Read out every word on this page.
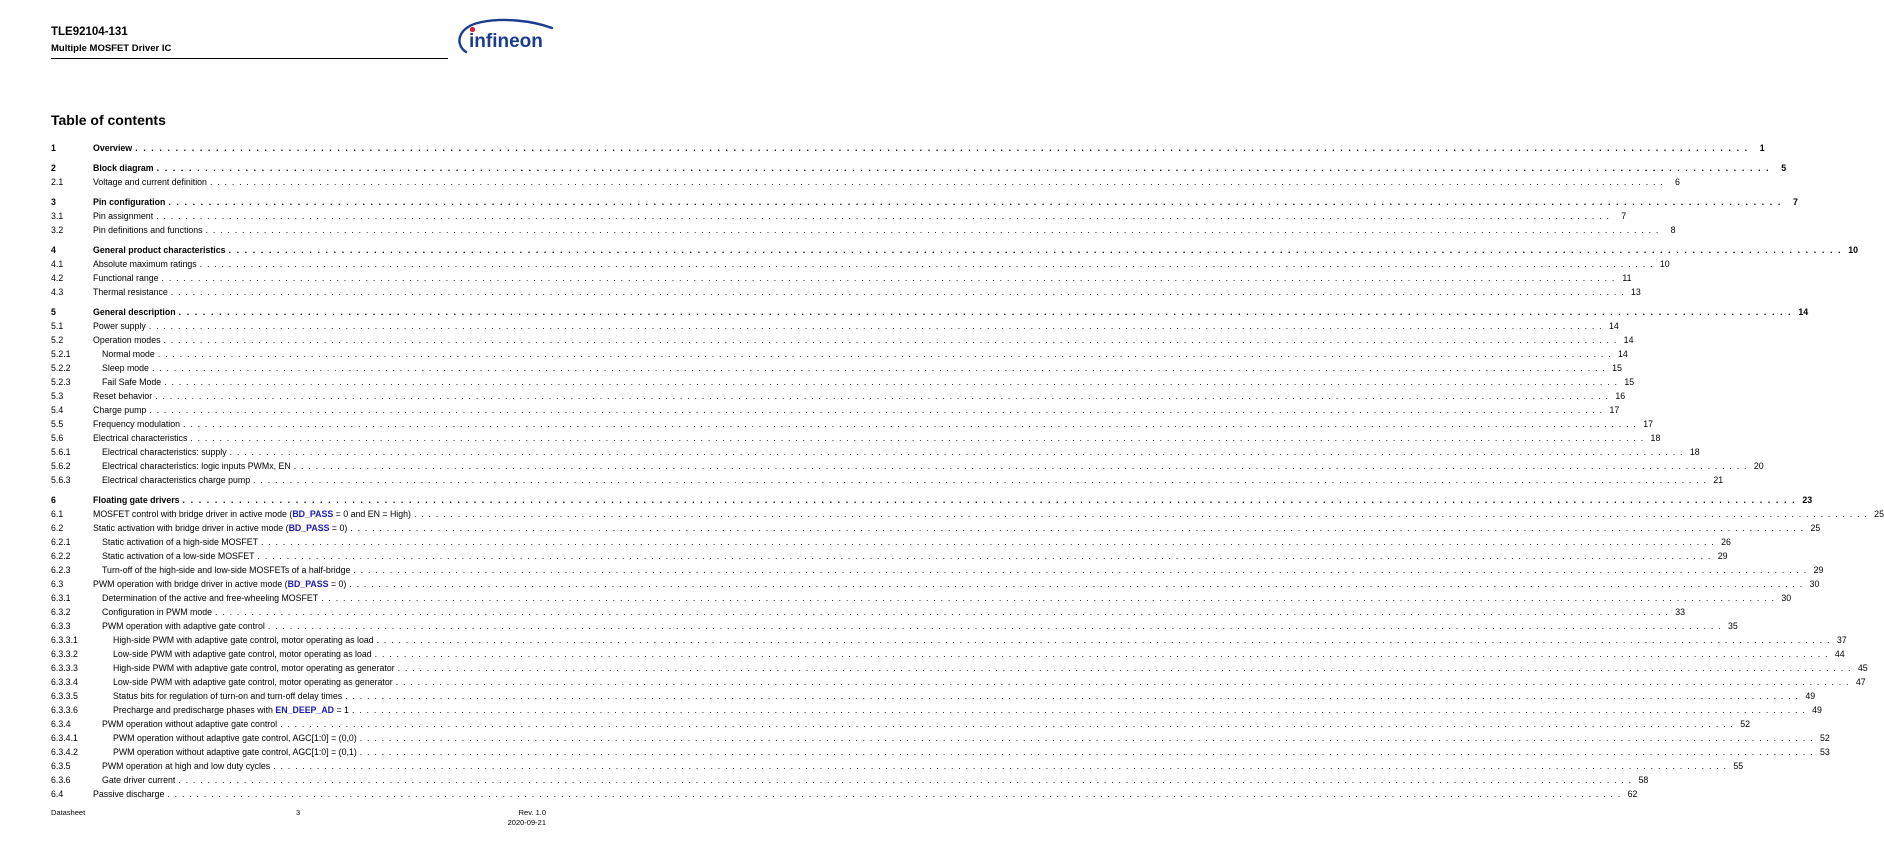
TLE92104-131
Multiple MOSFET Driver IC	infineon
Table of contents
1	Overview . . . . . . . . . . . . . . . . . . . . . . . . . . . . . . . . . . . . . . . . . . . . . . . . . . . . . . . . . . . . . . . . . . . . . . . . . . . . . . . . . . . . . . . . . . . . . . . . . . . . . . . . . . . . . . . . . . . . . . . . . . . . . . . . . . . . . . . . . . . . . . . . . . . . . . . . . . . . . . . . . . . . . . . . . . . . . . . . . . . . . . . . . . . . . . . . . . . . . . . .	1
2	Block diagram . . . . . . . . . . . . . . . . . . . . . . . . . . . . . . . . . . . . . . . . . . . . . . . . . . . . . . . . . . . . . . . . . . . . . . . . . . . . . . . . . . . . . . . . . . . . . . . . . . . . . . . . . . . . . . . . . . . . . . . . . . . . . . . . . . . . . . . . . . . . . . . . . . . . . . . . . . . . . . . . . . . . . . . . . . . . . . . . . . . . . . . . . . . . . . . . . . . . . . . .	5
2.1	Voltage and current definition . . . . . . . . . . . . . . . . . . . . . . . . . . . . . . . . . . . . . . . . . . . . . . . . . . . . . . . . . . . . . . . . . . . . . . . . . . . . . . . . . . . . . . . . . . . . . . . . . . . . . . . . . . . . . . . . . . . . . . . . . . . . . . . . . . . . . . . . . . . . . . . . . . . . . . . . . . . . . . . . . . . . . . . . . . . . . . . . . . . . . . . . . . . . . . . . . . . . . . . .	6
3	Pin configuration . . . . . . . . . . . . . . . . . . . . . . . . . . . . . . . . . . . . . . . . . . . . . . . . . . . . . . . . . . . . . . . . . . . . . . . . . . . . . . . . . . . . . . . . . . . . . . . . . . . . . . . . . . . . . . . . . . . . . . . . . . . . . . . . . . . . . . . . . . . . . . . . . . . . . . . . . . . . . . . . . . . . . . . . . . . . . . . . . . . . . . . . . . . . . . . . . . . . . . . .	7
3.1	Pin assignment . . . . . . . . . . . . . . . . . . . . . . . . . . . . . . . . . . . . . . . . . . . . . . . . . . . . . . . . . . . . . . . . . . . . . . . . . . . . . . . . . . . . . . . . . . . . . . . . . . . . . . . . . . . . . . . . . . . . . . . . . . . . . . . . . . . . . . . . . . . . . . . . . . . . . . . . . . . . . . . . . . . . . . . . . . . . . . . . . . . . . . . . . . . . . . . . . . . . . . . .	7
3.2	Pin definitions and functions . . . . . . . . . . . . . . . . . . . . . . . . . . . . . . . . . . . . . . . . . . . . . . . . . . . . . . . . . . . . . . . . . . . . . . . . . . . . . . . . . . . . . . . . . . . . . . . . . . . . . . . . . . . . . . . . . . . . . . . . . . . . . . . . . . . . . . . . . . . . . . . . . . . . . . . . . . . . . . . . . . . . . . . . . . . . . . . . . . . . . . . . . . . . . . . . . . . . . . . .	8
4	General product characteristics . . . . . . . . . . . . . . . . . . . . . . . . . . . . . . . . . . . . . . . . . . . . . . . . . . . . . . . . . . . . . . . . . . . . . . . . . . . . . . . . . . . . . . . . . . . . . . . . . . . . . . . . . . . . . . . . . . . . . . . . . . . . . . . . . . . . . . . . . . . . . . . . . . . . . . . . . . . . . . . . . . . . . . . . . . . . . . . . . . . . . . . . . . . . . . . . . . . . . . . . 10
4.1	Absolute maximum ratings . . . . . . . . . . . . . . . . . . . . . . . . . . . . . . . . . . . . . . . . . . . . . . . . . . . . . . . . . . . . . . . . . . . . . . . . . . . . . . . . . . . . . . . . . . . . . . . . . . . . . . . . . . . . . . . . . . . . . . . . . . . . . . . . . . . . . . . . . . . . . . . . . . . . . . . . . . . . . . . . . . . . . . . . . . . . . . . . . . . . . . . . . . . . . . . . . . . . . . . . 10
4.2	Functional range . . . . . . . . . . . . . . . . . . . . . . . . . . . . . . . . . . . . . . . . . . . . . . . . . . . . . . . . . . . . . . . . . . . . . . . . . . . . . . . . . . . . . . . . . . . . . . . . . . . . . . . . . . . . . . . . . . . . . . . . . . . . . . . . . . . . . . . . . . . . . . . . . . . . . . . . . . . . . . . . . . . . . . . . . . . . . . . . . . . . . . . . . . . . . . . . . . . . . . . . 11
4.3	Thermal resistance . . . . . . . . . . . . . . . . . . . . . . . . . . . . . . . . . . . . . . . . . . . . . . . . . . . . . . . . . . . . . . . . . . . . . . . . . . . . . . . . . . . . . . . . . . . . . . . . . . . . . . . . . . . . . . . . . . . . . . . . . . . . . . . . . . . . . . . . . . . . . . . . . . . . . . . . . . . . . . . . . . . . . . . . . . . . . . . . . . . . . . . . . . . . . . . . . . . . . . . . 13
5	General description . . . . . . . . . . . . . . . . . . . . . . . . . . . . . . . . . . . . . . . . . . . . . . . . . . . . . . . . . . . . . . . . . . . . . . . . . . . . . . . . . . . . . . . . . . . . . . . . . . . . . . . . . . . . . . . . . . . . . . . . . . . . . . . . . . . . . . . . . . . . . . . . . . . . . . . . . . . . . . . . . . . . . . . . . . . . . . . . . . . . . . . . . . . . . . . . . . . . . . . . 14
5.1	Power supply . . . . . . . . . . . . . . . . . . . . . . . . . . . . . . . . . . . . . . . . . . . . . . . . . . . . . . . . . . . . . . . . . . . . . . . . . . . . . . . . . . . . . . . . . . . . . . . . . . . . . . . . . . . . . . . . . . . . . . . . . . . . . . . . . . . . . . . . . . . . . . . . . . . . . . . . . . . . . . . . . . . . . . . . . . . . . . . . . . . . . . . . . . . . . . . . . . . . . . . . 14
5.2	Operation modes . . . . . . . . . . . . . . . . . . . . . . . . . . . . . . . . . . . . . . . . . . . . . . . . . . . . . . . . . . . . . . . . . . . . . . . . . . . . . . . . . . . . . . . . . . . . . . . . . . . . . . . . . . . . . . . . . . . . . . . . . . . . . . . . . . . . . . . . . . . . . . . . . . . . . . . . . . . . . . . . . . . . . . . . . . . . . . . . . . . . . . . . . . . . . . . . . . . . . . . . 14
5.2.1	Normal mode . . . . . . . . . . . . . . . . . . . . . . . . . . . . . . . . . . . . . . . . . . . . . . . . . . . . . . . . . . . . . . . . . . . . . . . . . . . . . . . . . . . . . . . . . . . . . . . . . . . . . . . . . . . . . . . . . . . . . . . . . . . . . . . . . . . . . . . . . . . . . . . . . . . . . . . . . . . . . . . . . . . . . . . . . . . . . . . . . . . . . . . . . . . . . . . . . . . . . . . . 14
5.2.2	Sleep mode . . . . . . . . . . . . . . . . . . . . . . . . . . . . . . . . . . . . . . . . . . . . . . . . . . . . . . . . . . . . . . . . . . . . . . . . . . . . . . . . . . . . . . . . . . . . . . . . . . . . . . . . . . . . . . . . . . . . . . . . . . . . . . . . . . . . . . . . . . . . . . . . . . . . . . . . . . . . . . . . . . . . . . . . . . . . . . . . . . . . . . . . . . . . . . . . . . . . . . . . 15
5.2.3	Fail Safe Mode . . . . . . . . . . . . . . . . . . . . . . . . . . . . . . . . . . . . . . . . . . . . . . . . . . . . . . . . . . . . . . . . . . . . . . . . . . . . . . . . . . . . . . . . . . . . . . . . . . . . . . . . . . . . . . . . . . . . . . . . . . . . . . . . . . . . . . . . . . . . . . . . . . . . . . . . . . . . . . . . . . . . . . . . . . . . . . . . . . . . . . . . . . . . . . . . . . . . . . . . 15
5.3	Reset behavior . . . . . . . . . . . . . . . . . . . . . . . . . . . . . . . . . . . . . . . . . . . . . . . . . . . . . . . . . . . . . . . . . . . . . . . . . . . . . . . . . . . . . . . . . . . . . . . . . . . . . . . . . . . . . . . . . . . . . . . . . . . . . . . . . . . . . . . . . . . . . . . . . . . . . . . . . . . . . . . . . . . . . . . . . . . . . . . . . . . . . . . . . . . . . . . . . . . . . . . . 16
5.4	Charge pump . . . . . . . . . . . . . . . . . . . . . . . . . . . . . . . . . . . . . . . . . . . . . . . . . . . . . . . . . . . . . . . . . . . . . . . . . . . . . . . . . . . . . . . . . . . . . . . . . . . . . . . . . . . . . . . . . . . . . . . . . . . . . . . . . . . . . . . . . . . . . . . . . . . . . . . . . . . . . . . . . . . . . . . . . . . . . . . . . . . . . . . . . . . . . . . . . . . . . . . . 17
5.5	Frequency modulation . . . . . . . . . . . . . . . . . . . . . . . . . . . . . . . . . . . . . . . . . . . . . . . . . . . . . . . . . . . . . . . . . . . . . . . . . . . . . . . . . . . . . . . . . . . . . . . . . . . . . . . . . . . . . . . . . . . . . . . . . . . . . . . . . . . . . . . . . . . . . . . . . . . . . . . . . . . . . . . . . . . . . . . . . . . . . . . . . . . . . . . . . . . . . . . . . . . . . . . . 17
5.6	Electrical characteristics . . . . . . . . . . . . . . . . . . . . . . . . . . . . . . . . . . . . . . . . . . . . . . . . . . . . . . . . . . . . . . . . . . . . . . . . . . . . . . . . . . . . . . . . . . . . . . . . . . . . . . . . . . . . . . . . . . . . . . . . . . . . . . . . . . . . . . . . . . . . . . . . . . . . . . . . . . . . . . . . . . . . . . . . . . . . . . . . . . . . . . . . . . . . . . . . . . . . . . . . 18
5.6.1	Electrical characteristics: supply . . . . . . . . . . . . . . . . . . . . . . . . . . . . . . . . . . . . . . . . . . . . . . . . . . . . . . . . . . . . . . . . . . . . . . . . . . . . . . . . . . . . . . . . . . . . . . . . . . . . . . . . . . . . . . . . . . . . . . . . . . . . . . . . . . . . . . . . . . . . . . . . . . . . . . . . . . . . . . . . . . . . . . . . . . . . . . . . . . . . . . . . . . . . . . . . . . . . . . . . 18
5.6.2	Electrical characteristics: logic inputs PWMx, EN . . . . . . . . . . . . . . . . . . . . . . . . . . . . . . . . . . . . . . . . . . . . . . . . . . . . . . . . . . . . . . . . . . . . . . . . . . . . . . . . . . . . . . . . . . . . . . . . . . . . . . . . . . . . . . . . . . . . . . . . . . . . . . . . . . . . . . . . . . . . . . . . . . . . . . . . . . . . . . . . . . . . . . . . . . . . . . . . . . . . . . . . . . . . . . . . . . . . . . . . 20
5.6.3	Electrical characteristics charge pump . . . . . . . . . . . . . . . . . . . . . . . . . . . . . . . . . . . . . . . . . . . . . . . . . . . . . . . . . . . . . . . . . . . . . . . . . . . . . . . . . . . . . . . . . . . . . . . . . . . . . . . . . . . . . . . . . . . . . . . . . . . . . . . . . . . . . . . . . . . . . . . . . . . . . . . . . . . . . . . . . . . . . . . . . . . . . . . . . . . . . . . . . . . . . . . . . . . . . . . . 21
6	Floating gate drivers . . . . . . . . . . . . . . . . . . . . . . . . . . . . . . . . . . . . . . . . . . . . . . . . . . . . . . . . . . . . . . . . . . . . . . . . . . . . . . . . . . . . . . . . . . . . . . . . . . . . . . . . . . . . . . . . . . . . . . . . . . . . . . . . . . . . . . . . . . . . . . . . . . . . . . . . . . . . . . . . . . . . . . . . . . . . . . . . . . . . . . . . . . . . . . . . . . . . . . . . 23
6.1	MOSFET control with bridge driver in active mode (BD_PASS = 0 and EN = High) . . . . . . . . . . . . . . . . . . . . . . . . . . . . . . . . . . . . . . . . . . . . . . . . . . . . . . . . . . . . . . . . . . . . . . . . . . . . . . . . . . . . . . . . . . . . . . . . . . . . . . . . . . . . . . . . . . . . . . . . . . . . . . . . . . . . . . . . . . . . . . . . . . . . . . . . . . . . . . . . . . . . . . . . . . . . . . . . . . . . . . . . . . . . . . . . . . . . . . . . 25
6.2	Static activation with bridge driver in active mode (BD_PASS = 0) . . . . . . . . . . . . . . . . . . . . . . . . . . . . . . . . . . . . . . . . . . . . . . . . . . . . . . . . . . . . . . . . . . . . . . . . . . . . . . . . . . . . . . . . . . . . . . . . . . . . . . . . . . . . . . . . . . . . . . . . . . . . . . . . . . . . . . . . . . . . . . . . . . . . . . . . . . . . . . . . . . . . . . . . . . . . . . . . . . . . . . . . . . . . . . . . . . . . . . . . 25
6.2.1	Static activation of a high-side MOSFET . . . . . . . . . . . . . . . . . . . . . . . . . . . . . . . . . . . . . . . . . . . . . . . . . . . . . . . . . . . . . . . . . . . . . . . . . . . . . . . . . . . . . . . . . . . . . . . . . . . . . . . . . . . . . . . . . . . . . . . . . . . . . . . . . . . . . . . . . . . . . . . . . . . . . . . . . . . . . . . . . . . . . . . . . . . . . . . . . . . . . . . . . . . . . . . . . . . . . . . . 26
6.2.2	Static activation of a low-side MOSFET . . . . . . . . . . . . . . . . . . . . . . . . . . . . . . . . . . . . . . . . . . . . . . . . . . . . . . . . . . . . . . . . . . . . . . . . . . . . . . . . . . . . . . . . . . . . . . . . . . . . . . . . . . . . . . . . . . . . . . . . . . . . . . . . . . . . . . . . . . . . . . . . . . . . . . . . . . . . . . . . . . . . . . . . . . . . . . . . . . . . . . . . . . . . . . . . . . . . . . . . 29
6.2.3	Turn-off of the high-side and low-side MOSFETs of a half-bridge . . . . . . . . . . . . . . . . . . . . . . . . . . . . . . . . . . . . . . . . . . . . . . . . . . . . . . . . . . . . . . . . . . . . . . . . . . . . . . . . . . . . . . . . . . . . . . . . . . . . . . . . . . . . . . . . . . . . . . . . . . . . . . . . . . . . . . . . . . . . . . . . . . . . . . . . . . . . . . . . . . . . . . . . . . . . . . . . . . . . . . . . . . . . . . . . . . . . . . . . 29
6.3	PWM operation with bridge driver in active mode (BD_PASS = 0) . . . . . . . . . . . . . . . . . . . . . . . . . . . . . . . . . . . . . . . . . . . . . . . . . . . . . . . . . . . . . . . . . . . . . . . . . . . . . . . . . . . . . . . . . . . . . . . . . . . . . . . . . . . . . . . . . . . . . . . . . . . . . . . . . . . . . . . . . . . . . . . . . . . . . . . . . . . . . . . . . . . . . . . . . . . . . . . . . . . . . . . . . . . . . . . . . . . . . . . . 30
6.3.1	Determination of the active and free-wheeling MOSFET . . . . . . . . . . . . . . . . . . . . . . . . . . . . . . . . . . . . . . . . . . . . . . . . . . . . . . . . . . . . . . . . . . . . . . . . . . . . . . . . . . . . . . . . . . . . . . . . . . . . . . . . . . . . . . . . . . . . . . . . . . . . . . . . . . . . . . . . . . . . . . . . . . . . . . . . . . . . . . . . . . . . . . . . . . . . . . . . . . . . . . . . . . . . . . . . . . . . . . . . 30
6.3.2	Configuration in PWM mode . . . . . . . . . . . . . . . . . . . . . . . . . . . . . . . . . . . . . . . . . . . . . . . . . . . . . . . . . . . . . . . . . . . . . . . . . . . . . . . . . . . . . . . . . . . . . . . . . . . . . . . . . . . . . . . . . . . . . . . . . . . . . . . . . . . . . . . . . . . . . . . . . . . . . . . . . . . . . . . . . . . . . . . . . . . . . . . . . . . . . . . . . . . . . . . . . . . . . . . . 33
6.3.3	PWM operation with adaptive gate control . . . . . . . . . . . . . . . . . . . . . . . . . . . . . . . . . . . . . . . . . . . . . . . . . . . . . . . . . . . . . . . . . . . . . . . . . . . . . . . . . . . . . . . . . . . . . . . . . . . . . . . . . . . . . . . . . . . . . . . . . . . . . . . . . . . . . . . . . . . . . . . . . . . . . . . . . . . . . . . . . . . . . . . . . . . . . . . . . . . . . . . . . . . . . . . . . . . . . . . . 35
6.3.3.1	High-side PWM with adaptive gate control, motor operating as load . . . . . . . . . . . . . . . . . . . . . . . . . . . . . . . . . . . . . . . . . . . . . . . . . . . . . . . . . . . . . . . . . . . . . . . . . . . . . . . . . . . . . . . . . . . . . . . . . . . . . . . . . . . . . . . . . . . . . . . . . . . . . . . . . . . . . . . . . . . . . . . . . . . . . . . . . . . . . . . . . . . . . . . . . . . . . . . . . . . . . . . . . . . . . . . . . . . . . . . . 37
6.3.3.2	Low-side PWM with adaptive gate control, motor operating as load . . . . . . . . . . . . . . . . . . . . . . . . . . . . . . . . . . . . . . . . . . . . . . . . . . . . . . . . . . . . . . . . . . . . . . . . . . . . . . . . . . . . . . . . . . . . . . . . . . . . . . . . . . . . . . . . . . . . . . . . . . . . . . . . . . . . . . . . . . . . . . . . . . . . . . . . . . . . . . . . . . . . . . . . . . . . . . . . . . . . . . . . . . . . . . . . . . . . . . . . 44
6.3.3.3	High-side PWM with adaptive gate control, motor operating as generator . . . . . . . . . . . . . . . . . . . . . . . . . . . . . . . . . . . . . . . . . . . . . . . . . . . . . . . . . . . . . . . . . . . . . . . . . . . . . . . . . . . . . . . . . . . . . . . . . . . . . . . . . . . . . . . . . . . . . . . . . . . . . . . . . . . . . . . . . . . . . . . . . . . . . . . . . . . . . . . . . . . . . . . . . . . . . . . . . . . . . . . . . . . . . . . . . . . . . . . . 45
6.3.3.4	Low-side PWM with adaptive gate control, motor operating as generator . . . . . . . . . . . . . . . . . . . . . . . . . . . . . . . . . . . . . . . . . . . . . . . . . . . . . . . . . . . . . . . . . . . . . . . . . . . . . . . . . . . . . . . . . . . . . . . . . . . . . . . . . . . . . . . . . . . . . . . . . . . . . . . . . . . . . . . . . . . . . . . . . . . . . . . . . . . . . . . . . . . . . . . . . . . . . . . . . . . . . . . . . . . . . . . . . . . . . . . . 47
6.3.3.5	Status bits for regulation of turn-on and turn-off delay times . . . . . . . . . . . . . . . . . . . . . . . . . . . . . . . . . . . . . . . . . . . . . . . . . . . . . . . . . . . . . . . . . . . . . . . . . . . . . . . . . . . . . . . . . . . . . . . . . . . . . . . . . . . . . . . . . . . . . . . . . . . . . . . . . . . . . . . . . . . . . . . . . . . . . . . . . . . . . . . . . . . . . . . . . . . . . . . . . . . . . . . . . . . . . . . . . . . . . . . . 49
6.3.3.6	Precharge and predischarge phases with EN_DEEP_AD = 1 . . . . . . . . . . . . . . . . . . . . . . . . . . . . . . . . . . . . . . . . . . . . . . . . . . . . . . . . . . . . . . . . . . . . . . . . . . . . . . . . . . . . . . . . . . . . . . . . . . . . . . . . . . . . . . . . . . . . . . . . . . . . . . . . . . . . . . . . . . . . . . . . . . . . . . . . . . . . . . . . . . . . . . . . . . . . . . . . . . . . . . . . . . . . . . . . . . . . . . . . 49
6.3.4	PWM operation without adaptive gate control . . . . . . . . . . . . . . . . . . . . . . . . . . . . . . . . . . . . . . . . . . . . . . . . . . . . . . . . . . . . . . . . . . . . . . . . . . . . . . . . . . . . . . . . . . . . . . . . . . . . . . . . . . . . . . . . . . . . . . . . . . . . . . . . . . . . . . . . . . . . . . . . . . . . . . . . . . . . . . . . . . . . . . . . . . . . . . . . . . . . . . . . . . . . . . . . . . . . . . . . 52
6.3.4.1	PWM operation without adaptive gate control, AGC[1:0] = (0,0) . . . . . . . . . . . . . . . . . . . . . . . . . . . . . . . . . . . . . . . . . . . . . . . . . . . . . . . . . . . . . . . . . . . . . . . . . . . . . . . . . . . . . . . . . . . . . . . . . . . . . . . . . . . . . . . . . . . . . . . . . . . . . . . . . . . . . . . . . . . . . . . . . . . . . . . . . . . . . . . . . . . . . . . . . . . . . . . . . . . . . . . . . . . . . . . . . . . . . . . . 52
6.3.4.2	PWM operation without adaptive gate control, AGC[1:0] = (0,1) . . . . . . . . . . . . . . . . . . . . . . . . . . . . . . . . . . . . . . . . . . . . . . . . . . . . . . . . . . . . . . . . . . . . . . . . . . . . . . . . . . . . . . . . . . . . . . . . . . . . . . . . . . . . . . . . . . . . . . . . . . . . . . . . . . . . . . . . . . . . . . . . . . . . . . . . . . . . . . . . . . . . . . . . . . . . . . . . . . . . . . . . . . . . . . . . . . . . . . . . 53
6.3.5	PWM operation at high and low duty cycles . . . . . . . . . . . . . . . . . . . . . . . . . . . . . . . . . . . . . . . . . . . . . . . . . . . . . . . . . . . . . . . . . . . . . . . . . . . . . . . . . . . . . . . . . . . . . . . . . . . . . . . . . . . . . . . . . . . . . . . . . . . . . . . . . . . . . . . . . . . . . . . . . . . . . . . . . . . . . . . . . . . . . . . . . . . . . . . . . . . . . . . . . . . . . . . . . . . . . . . . 55
6.3.6	Gate driver current . . . . . . . . . . . . . . . . . . . . . . . . . . . . . . . . . . . . . . . . . . . . . . . . . . . . . . . . . . . . . . . . . . . . . . . . . . . . . . . . . . . . . . . . . . . . . . . . . . . . . . . . . . . . . . . . . . . . . . . . . . . . . . . . . . . . . . . . . . . . . . . . . . . . . . . . . . . . . . . . . . . . . . . . . . . . . . . . . . . . . . . . . . . . . . . . . . . . . . . . 58
6.4	Passive discharge . . . . . . . . . . . . . . . . . . . . . . . . . . . . . . . . . . . . . . . . . . . . . . . . . . . . . . . . . . . . . . . . . . . . . . . . . . . . . . . . . . . . . . . . . . . . . . . . . . . . . . . . . . . . . . . . . . . . . . . . . . . . . . . . . . . . . . . . . . . . . . . . . . . . . . . . . . . . . . . . . . . . . . . . . . . . . . . . . . . . . . . . . . . . . . . . . . . . . . . . 62
Datasheet	3	Rev. 1.0
2020-09-21
